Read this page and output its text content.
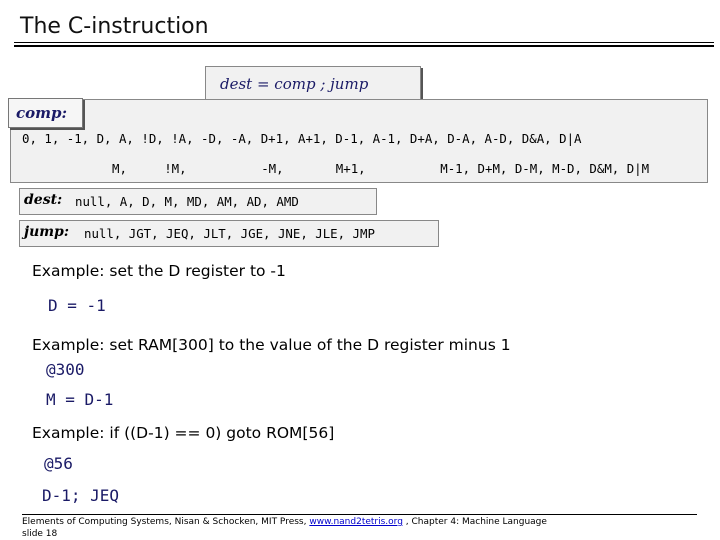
The C-instruction
dest = comp ; jump
comp:
0, 1, -1, D, A, !D, !A, -D, -A, D+1, A+1, D-1, A-1, D+A, D-A, A-D, D&A, D|A
M,     !M,          -M,       M+1,          M-1, D+M, D-M, M-D, D&M, D|M
dest: null, A, D, M, MD, AM, AD, AMD
jump: null, JGT, JEQ, JLT, JGE, JNE, JLE, JMP
Example: set the D register to -1
D = -1
Example: set RAM[300] to the value of the D register minus 1
@300
M = D-1
Example: if ((D-1) == 0) goto ROM[56]
@56
D-1; JEQ
Elements of Computing Systems, Nisan & Schocken, MIT Press, www.nand2tetris.org , Chapter 4: Machine Language
slide 18
